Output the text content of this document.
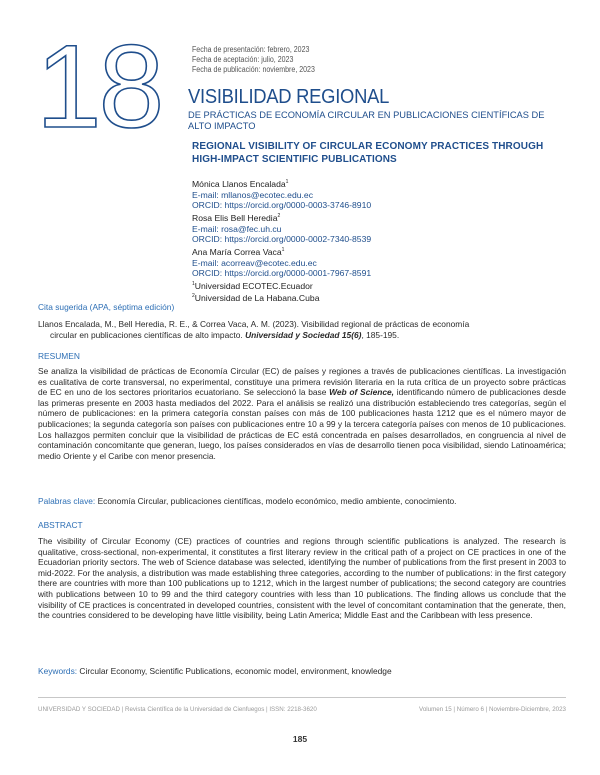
18	Fecha de presentación: febrero, 2023
Fecha de aceptación: julio, 2023
Fecha de publicación: noviembre, 2023
VISIBILIDAD REGIONAL
DE PRÁCTICAS DE ECONOMÍA CIRCULAR EN PUBLICACIONES CIENTÍFICAS DE ALTO IMPACTO
REGIONAL VISIBILITY OF CIRCULAR ECONOMY PRACTICES THROUGH HIGH-IMPACT SCIENTIFIC PUBLICATIONS
Mónica Llanos Encalada$^1$
E-mail: mllanos@ecotec.edu.ec
ORCID: https://orcid.org/0000-0003-3746-8910
Rosa Elis Bell Heredia$^2$
E-mail: rosa@fec.uh.cu
ORCID: https://orcid.org/0000-0002-7340-8539
Ana María Correa Vaca$^1$
E-mail: acorreav@ecotec.edu.ec
ORCID: https://orcid.org/0000-0001-7967-8591
$^1$Universidad ECOTEC.Ecuador
$^2$Universidad de La Habana.Cuba
Cita sugerida (APA, séptima edición)
Llanos Encalada, M., Bell Heredia, R. E., & Correa Vaca, A. M. (2023). Visibilidad regional de prácticas de economía
circular en publicaciones científicas de alto impacto. Universidad y Sociedad 15(6), 185-195.
RESUMEN
Se analiza la visibilidad de prácticas de Economía Circular (EC) de países y regiones a través de publicaciones científicas. La investigación es cualitativa de corte transversal, no experimental, constituye una primera revisión literaria en la ruta crítica de un proyecto sobre prácticas de EC en uno de los sectores prioritarios ecuatoriano. Se seleccionó la base Web of Science, identificando número de publicaciones desde las primeras presente en 2003 hasta mediados del 2022. Para el análisis se realizó una distribución estableciendo tres categorías, según el número de publicaciones: en la primera categoría constan países con más de 100 publicaciones hasta 1212 que es el número mayor de publicaciones; la segunda categoría son países con publicaciones entre 10 a 99 y la tercera categoría países con menos de 10 publicaciones. Los hallazgos permiten concluir que la visibilidad de prácticas de EC está concentrada en países desarrollados, en congruencia al nivel de contaminación concomitante que generan, luego, los países considerados en vías de desarrollo tienen poca visibilidad, siendo Latinoamérica; medio Oriente y el Caribe con menor presencia.
Palabras clave: Economía Circular, publicaciones científicas, modelo económico, medio ambiente, conocimiento.
ABSTRACT
The visibility of Circular Economy (CE) practices of countries and regions through scientific publications is analyzed. The research is qualitative, cross-sectional, non-experimental, it constitutes a first literary review in the critical path of a project on CE practices in one of the Ecuadorian priority sectors. The web of Science database was selected, identifying the number of publications from the first present in 2003 to mid-2022. For the analysis, a distribution was made establishing three categories, according to the number of publications: in the first category there are countries with more than 100 publications up to 1212, which in the largest number of publications; the second category are countries with publications between 10 to 99 and the third category countries with less than 10 publications. The finding allows us conclude that the visibility of CE practices is concentrated in developed countries, consistent with the level of concomitant contamination that the generate, then, the countries considered to be developing have little visibility, being Latin America; Middle East and the Caribbean with less presence.
Keywords: Circular Economy, Scientific Publications, economic model, environment, knowledge
UNIVERSIDAD Y SOCIEDAD | Revista Científica de la Universidad de Cienfuegos | ISSN: 2218-3620	Volumen 15 | Número 6 | Noviembre-Diciembre, 2023
185
